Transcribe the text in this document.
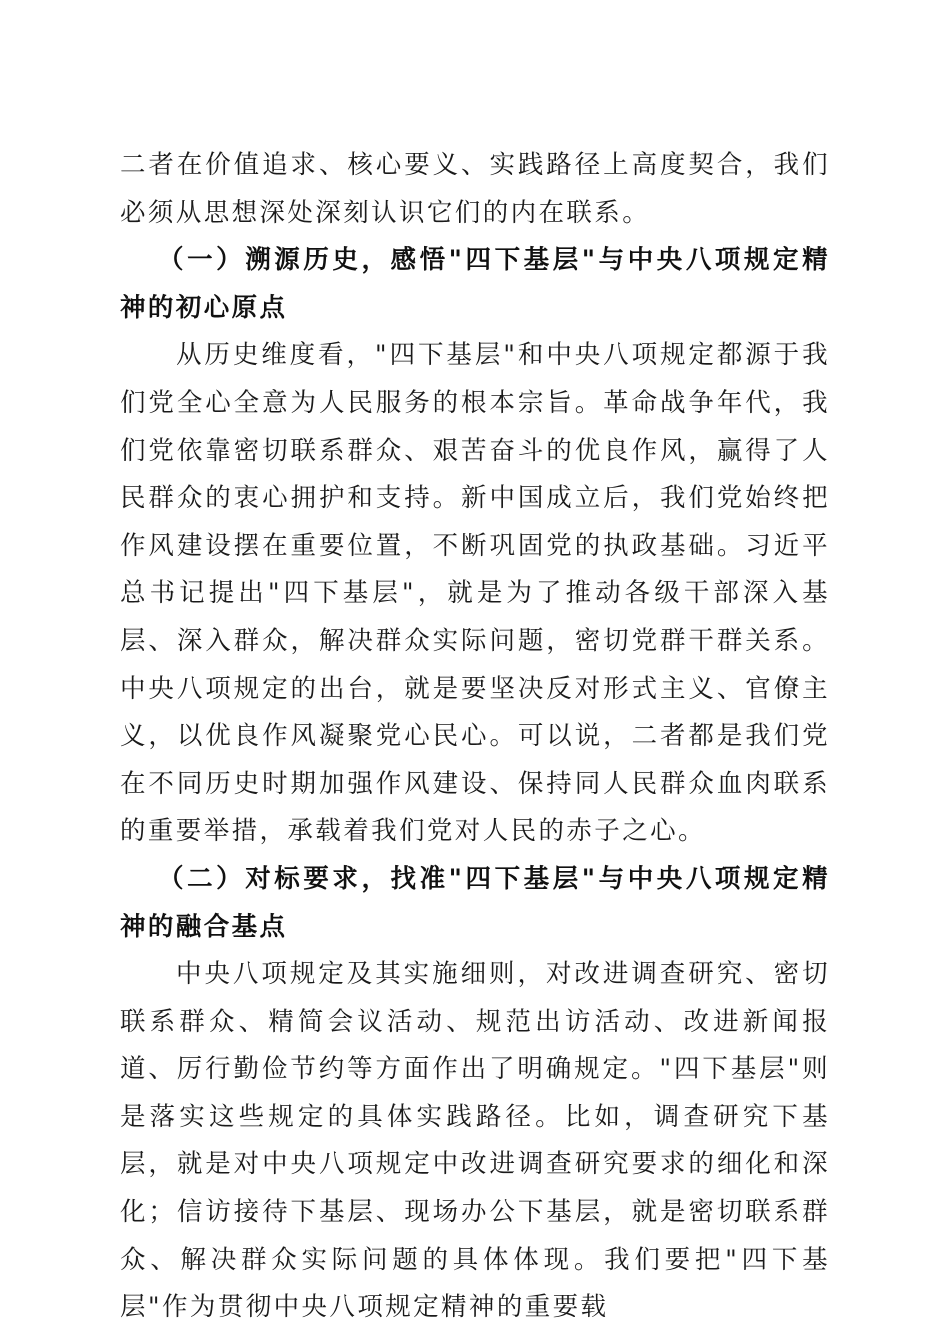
二者在价值追求、核心要义、实践路径上高度契合，我们必须从思想深处深刻认识它们的内在联系。

（一）溯源历史，感悟"四下基层"与中央八项规定精神的初心原点

从历史维度看，"四下基层"和中央八项规定都源于我们党全心全意为人民服务的根本宗旨。革命战争年代，我们党依靠密切联系群众、艰苦奋斗的优良作风，赢得了人民群众的衷心拥护和支持。新中国成立后，我们党始终把作风建设摆在重要位置，不断巩固党的执政基础。习近平总书记提出"四下基层"，就是为了推动各级干部深入基层、深入群众，解决群众实际问题，密切党群干群关系。中央八项规定的出台，就是要坚决反对形式主义、官僚主义，以优良作风凝聚党心民心。可以说，二者都是我们党在不同历史时期加强作风建设、保持同人民群众血肉联系的重要举措，承载着我们党对人民的赤子之心。

（二）对标要求，找准"四下基层"与中央八项规定精神的融合基点

中央八项规定及其实施细则，对改进调查研究、密切联系群众、精简会议活动、规范出访活动、改进新闻报道、厉行勤俭节约等方面作出了明确规定。"四下基层"则是落实这些规定的具体实践路径。比如，调查研究下基层，就是对中央八项规定中改进调查研究要求的细化和深化；信访接待下基层、现场办公下基层，就是密切联系群众、解决群众实际问题的具体体现。我们要把"四下基层"作为贯彻中央八项规定精神的重要载
